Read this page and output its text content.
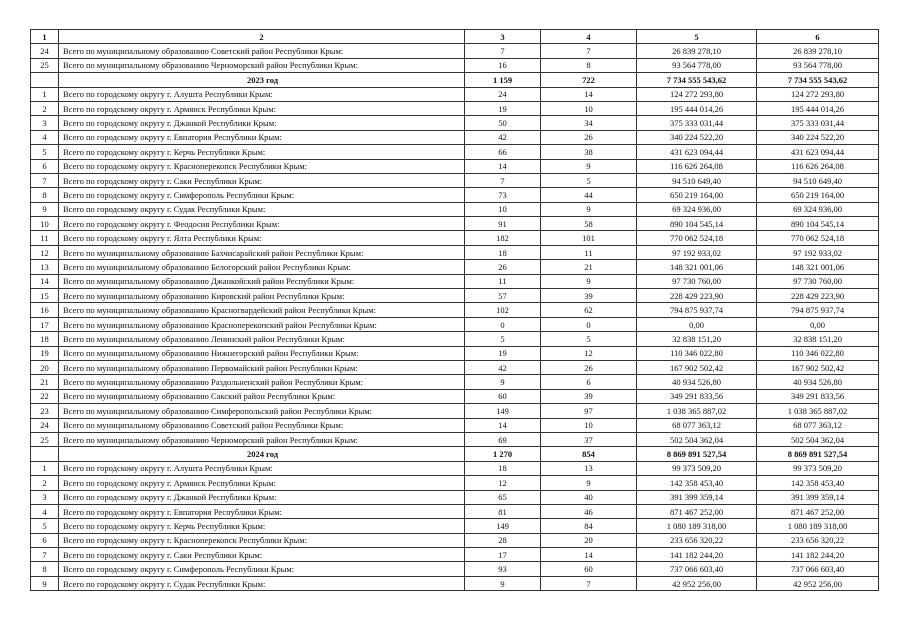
1	2	3	4	5	6
24	Всего по муниципальному образованию Советский район Республики Крым:	7	7	26 839 278,10	26 839 278,10
25	Всего по муниципальному образованию Черноморский район Республики Крым:	16	8	93 564 778,00	93 564 778,00
	2023 год	1 159	722	7 734 555 543,62	7 734 555 543,62
1	Всего по городскому округу г. Алушта Республики Крым:	24	14	124 272 293,80	124 272 293,80
2	Всего по городскому округу г. Армянск Республики Крым:	19	10	195 444 014,26	195 444 014,26
3	Всего по городскому округу г. Джанкой Республики Крым:	50	34	375 333 031,44	375 333 031,44
4	Всего по городскому округу г. Евпатория Республики Крым:	42	26	340 224 522,20	340 224 522,20
5	Всего по городскому округу г. Керчь Республики Крым:	66	38	431 623 094,44	431 623 094,44
6	Всего по городскому округу г. Красноперекопск Республики Крым:	14	9	116 626 264,08	116 626 264,08
7	Всего по городскому округу г. Саки Республики Крым:	7	5	94 510 649,40	94 510 649,40
8	Всего по городскому округу г. Симферополь Республики Крым:	73	44	650 219 164,00	650 219 164,00
9	Всего по городскому округу г. Судак Республики Крым:	10	9	69 324 936,00	69 324 936,00
10	Всего по городскому округу г. Феодосия Республики Крым:	91	58	890 104 545,14	890 104 545,14
11	Всего по городскому округу г. Ялта Республики Крым:	182	101	770 062 524,18	770 062 524,18
12	Всего по муниципальному образованию Бахчисарайский район Республики Крым:	18	11	97 192 933,02	97 192 933,02
13	Всего по муниципальному образованию Белогорский район Республики Крым:	26	21	148 321 001,06	148 321 001,06
14	Всего по муниципальному образованию Джанкойский район Республики Крым:	11	9	97 730 760,00	97 730 760,00
15	Всего по муниципальному образованию Кировский район Республики Крым:	57	39	228 429 223,90	228 429 223,90
16	Всего по муниципальному образованию Красногвардейский район Республики Крым:	102	62	794 875 937,74	794 875 937,74
17	Всего по муниципальному образованию Красноперекопский район Республики Крым:	0	0	0,00	0,00
18	Всего по муниципальному образованию Ленинский район Республики Крым:	5	5	32 838 151,20	32 838 151,20
19	Всего по муниципальному образованию Нижнегорский район Республики Крым:	19	12	110 346 022,80	110 346 022,80
20	Всего по муниципальному образованию Первомайский район Республики Крым:	42	26	167 902 502,42	167 902 502,42
21	Всего по муниципальному образованию Раздольненский район Республики Крым:	9	6	40 934 526,80	40 934 526,80
22	Всего по муниципальному образованию Сакский район Республики Крым:	60	39	349 291 833,56	349 291 833,56
23	Всего по муниципальному образованию Симферопольский район Республики Крым:	149	97	1 038 365 887,02	1 038 365 887,02
24	Всего по муниципальному образованию Советский район Республики Крым:	14	10	68 077 363,12	68 077 363,12
25	Всего по муниципальному образованию Черноморский район Республики Крым:	69	37	502 504 362,04	502 504 362,04
	2024 год	1 270	854	8 869 891 527,54	8 869 891 527,54
1	Всего по городскому округу г. Алушта Республики Крым:	18	13	99 373 509,20	99 373 509,20
2	Всего по городскому округу г. Армянск Республики Крым:	12	9	142 358 453,40	142 358 453,40
3	Всего по городскому округу г. Джанкой Республики Крым:	65	40	391 399 359,14	391 399 359,14
4	Всего по городскому округу г. Евпатория Республики Крым:	81	46	871 467 252,00	871 467 252,00
5	Всего по городскому округу г. Керчь Республики Крым:	149	84	1 080 189 318,00	1 080 189 318,00
6	Всего по городскому округу г. Красноперекопск Республики Крым:	28	20	233 656 320,22	233 656 320,22
7	Всего по городскому округу г. Саки Республики Крым:	17	14	141 182 244,20	141 182 244,20
8	Всего по городскому округу г. Симферополь Республики Крым:	93	60	737 066 603,40	737 066 603,40
9	Всего по городскому округу г. Судак Республики Крым:	9	7	42 952 256,00	42 952 256,00
